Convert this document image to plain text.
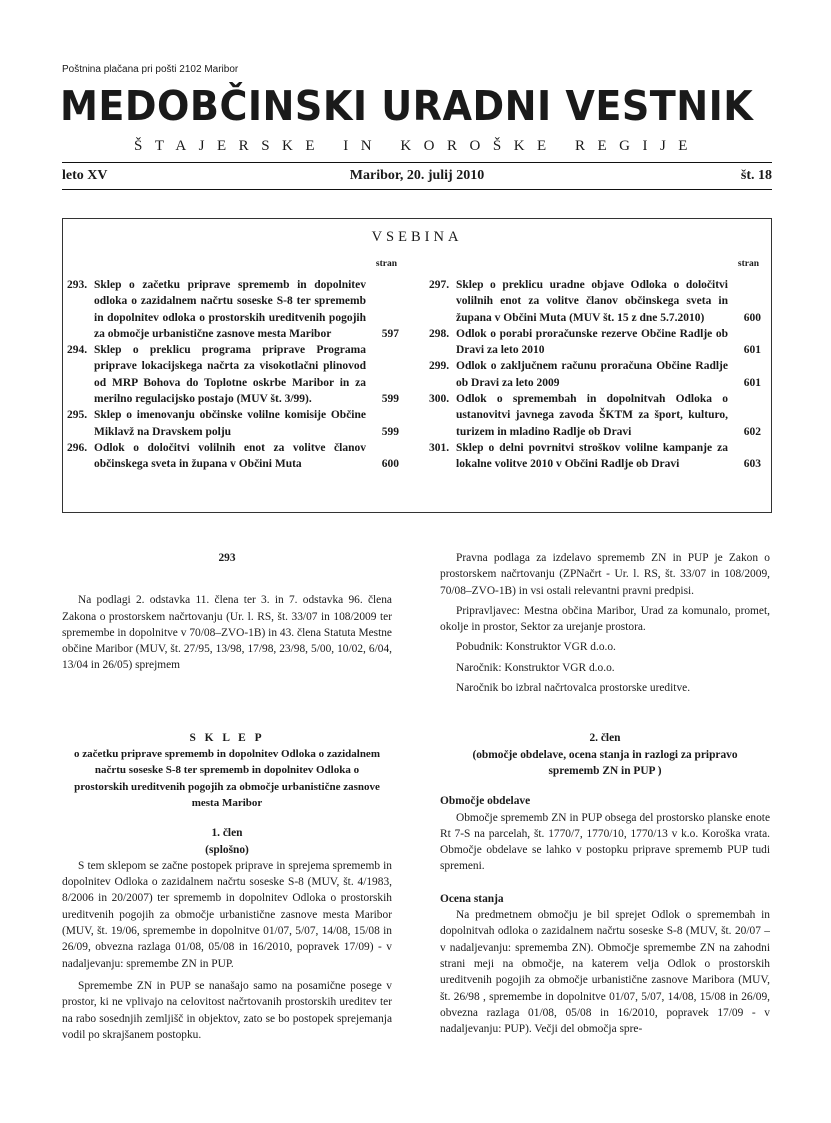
Poštnina plačana pri pošti 2102 Maribor
MEDOBČINSKI URADNI VESTNIK
ŠTAJERSKE IN KOROŠKE REGIJE
leto XV	Maribor, 20. julij 2010	št. 18
VSEBINA
stran
293. Sklep o začetku priprave sprememb in dopolnitev odloka o zazidalnem načrtu soseske S-8 ter sprememb in dopolnitev odloka o prostorskih ureditvenih pogojih za območje urbanistične zasnove mesta Maribor	597
294. Sklep o preklicu programa priprave Programa priprave lokacijskega načrta za visokotlačni plinovod od MRP Bohova do Toplotne oskrbe Maribor in za merilno regulacijsko postajo (MUV št. 3/99).	599
295. Sklep o imenovanju občinske volilne komisije Občine Miklavž na Dravskem polju	599
296. Odlok o določitvi volilnih enot za volitve članov občinskega sveta in župana v Občini Muta	600
stran
297. Sklep o preklicu uradne objave Odloka o določitvi volilnih enot za volitve članov občinskega sveta in župana v Občini Muta (MUV št. 15 z dne 5.7.2010)	600
298. Odlok o porabi proračunske rezerve Občine Radlje ob Dravi za leto 2010	601
299. Odlok o zaključnem računu proračuna Občine Radlje ob Dravi za leto 2009	601
300. Odlok o spremembah in dopolnitvah Odloka o ustanovitvi javnega zavoda ŠKTM za šport, kulturo, turizem in mladino Radlje ob Dravi	602
301. Sklep o delni povrnitvi stroškov volilne kampanje za lokalne volitve 2010 v Občini Radlje ob Dravi	603
293

Na podlagi 2. odstavka 11. člena ter 3. in 7. odstavka 96. člena Zakona o prostorskem načrtovanju (Ur. l. RS, št. 33/07 in 108/2009 ter spremembe in dopolnitve v 70/08–ZVO-1B) in 43. člena Statuta Mestne občine Maribor (MUV, št. 27/95, 13/98, 17/98, 23/98, 5/00, 10/02, 6/04, 13/04 in 26/05) sprejmem

S K L E P
o začetku priprave sprememb in dopolnitev Odloka o zazidalnem načrtu soseske S-8 ter sprememb in dopolnitev Odloka o prostorskih ureditvenih pogojih za območje urbanistične zasnove mesta Maribor
1. člen
(splošno)

S tem sklepom se začne postopek priprave in sprejema sprememb in dopolnitev Odloka o zazidalnem načrtu soseske S-8 (MUV, št. 4/1983, 8/2006 in 20/2007) ter sprememb in dopolnitev Odloka o prostorskih ureditvenih pogojih za območje urbanistične zasnove mesta Maribor (MUV, št. 19/06, spremembe in dopolnitve 01/07, 5/07, 14/08, 15/08 in 26/09, obvezna razlaga 01/08, 05/08 in 16/2010, popravek 17/09) - v nadaljevanju: spremembe ZN in PUP.

Spremembe ZN in PUP se nanašajo samo na posamične posege v prostor, ki ne vplivajo na celovitost načrtovanih prostorskih ureditev ter na rabo sosednjih zemljišč in objektov, zato se bo postopek sprejemanja vodil po skrajšanem postopku.

Pravna podlaga za izdelavo sprememb ZN in PUP je Zakon o prostorskem načrtovanju (ZPNačrt - Ur. l. RS, št. 33/07 in 108/2009, 70/08–ZVO-1B) in vsi ostali relevantni pravni predpisi.

Pripravljavec: Mestna občina Maribor, Urad za komunalo, promet, okolje in prostor, Sektor za urejanje prostora.

Pobudnik: Konstruktor VGR d.o.o.

Naročnik: Konstruktor VGR d.o.o.

Naročnik bo izbral načrtovalca prostorske ureditve.

2. člen
(območje obdelave, ocena stanja in razlogi za pripravo sprememb ZN in PUP )
Območje obdelave

Območje sprememb ZN in PUP obsega del prostorsko planske enote Rt 7-S na parcelah, št. 1770/7, 1770/10, 1770/13 v k.o. Koroška vrata. Območje obdelave se lahko v postopku priprave sprememb PUP tudi spremeni.

Ocena stanja

Na predmetnem območju je bil sprejet Odlok o spremembah in dopolnitvah odloka o zazidalnem načrtu soseske S-8 (MUV, št. 20/07 – v nadaljevanju: sprememba ZN). Območje spremembe ZN na zahodni strani meji na območje, na katerem velja Odlok o prostorskih ureditvenih pogojih za območje urbanistične zasnove Maribora (MUV, št. 26/98 , spremembe in dopolnitve 01/07, 5/07, 14/08, 15/08 in 26/09, obvezna razlaga 01/08, 05/08 in 16/2010, popravek 17/09 - v nadaljevanju: PUP). Večji del območja spre-
